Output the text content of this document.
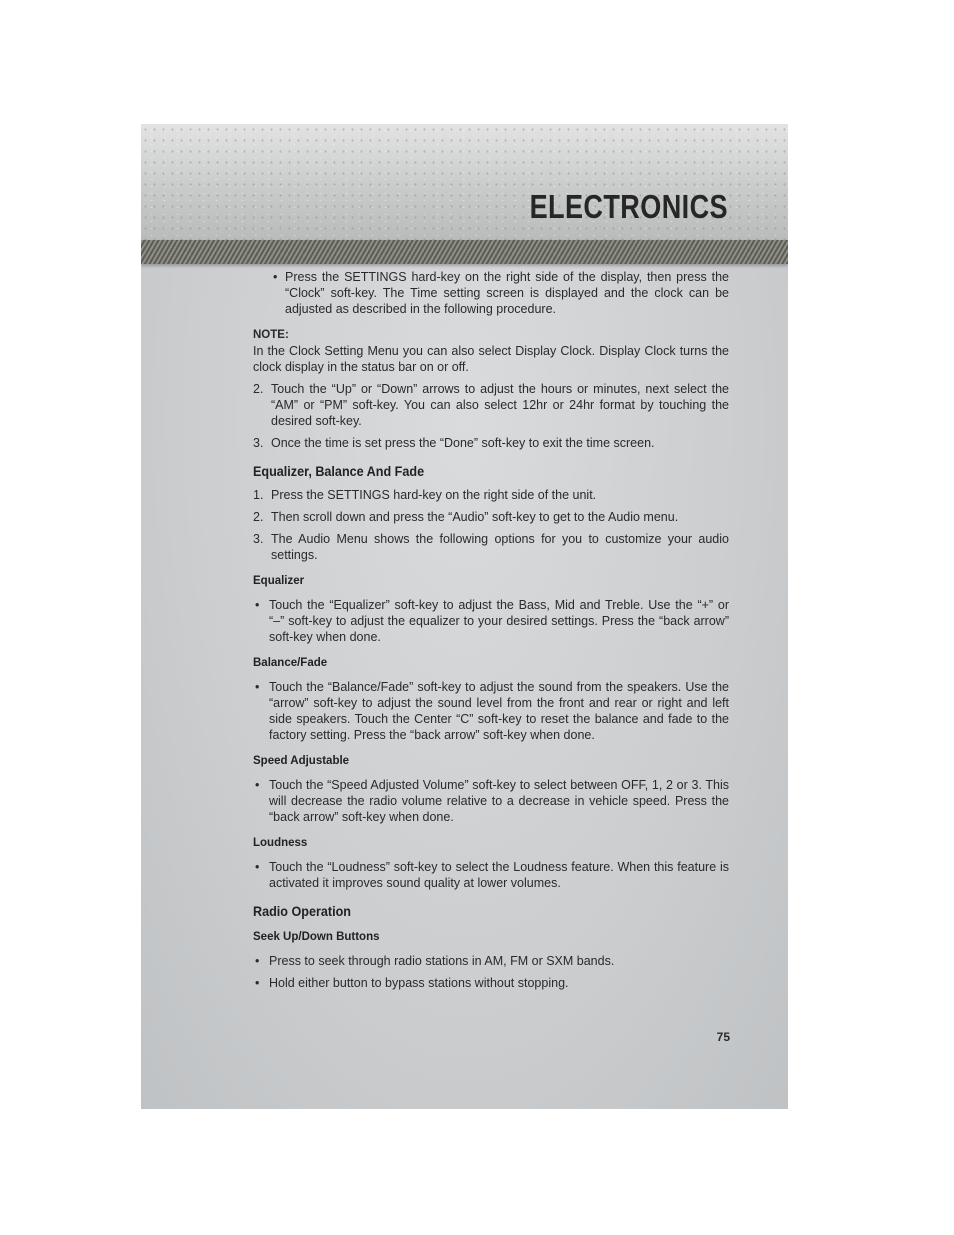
ELECTRONICS
• Press the SETTINGS hard-key on the right side of the display, then press the “Clock” soft-key. The Time setting screen is displayed and the clock can be adjusted as described in the following procedure.
NOTE:

In the Clock Setting Menu you can also select Display Clock. Display Clock turns the clock display in the status bar on or off.

2. Touch the “Up” or “Down” arrows to adjust the hours or minutes, next select the “AM” or “PM” soft-key. You can also select 12hr or 24hr format by touching the desired soft-key.
3. Once the time is set press the “Done” soft-key to exit the time screen.
Equalizer, Balance And Fade
1. Press the SETTINGS hard-key on the right side of the unit.
2. Then scroll down and press the “Audio” soft-key to get to the Audio menu.
3. The Audio Menu shows the following options for you to customize your audio settings.
Equalizer
• Touch the “Equalizer” soft-key to adjust the Bass, Mid and Treble. Use the “+” or “–” soft-key to adjust the equalizer to your desired settings. Press the “back arrow” soft-key when done.
Balance/Fade
• Touch the “Balance/Fade” soft-key to adjust the sound from the speakers. Use the “arrow” soft-key to adjust the sound level from the front and rear or right and left side speakers. Touch the Center “C” soft-key to reset the balance and fade to the factory setting. Press the “back arrow” soft-key when done.
Speed Adjustable
• Touch the “Speed Adjusted Volume” soft-key to select between OFF, 1, 2 or 3. This will decrease the radio volume relative to a decrease in vehicle speed. Press the “back arrow” soft-key when done.
Loudness
• Touch the “Loudness” soft-key to select the Loudness feature. When this feature is activated it improves sound quality at lower volumes.
Radio Operation
Seek Up/Down Buttons
• Press to seek through radio stations in AM, FM or SXM bands.
• Hold either button to bypass stations without stopping.
75
